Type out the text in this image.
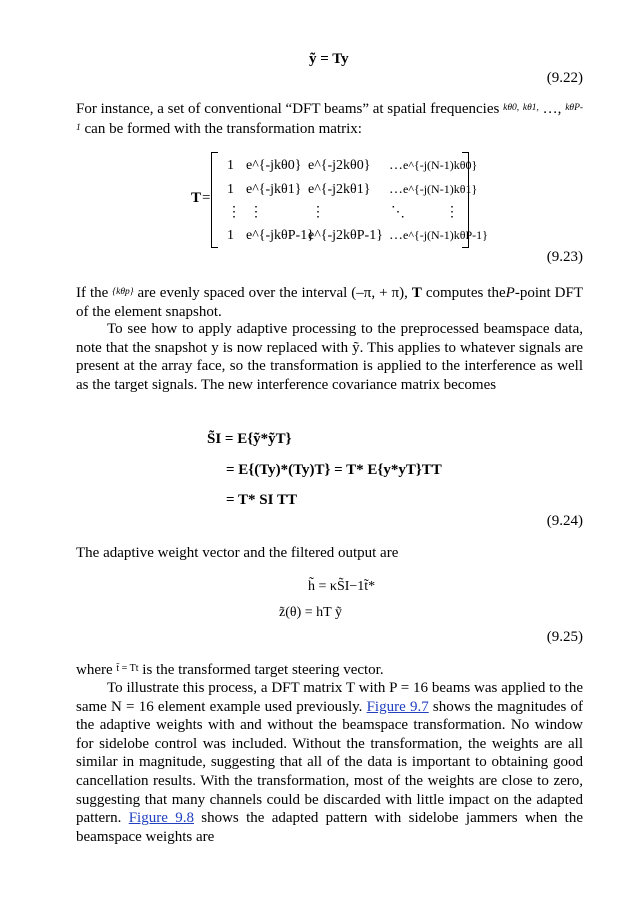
ỹ = Ty
(9.22)
For instance, a set of conventional “DFT beams” at spatial frequencies $^{k\theta 0,}$ $^{k\theta 1,}$ …, $^{k\theta P-1}$ can be formed with the transformation matrix:
T =
1 e^{-jkθ0} e^{-j2kθ0} …
1 e^{-jkθ1} e^{-j2kθ1} …
⋮ ⋮	⋮	⋱
1 e^{-jkθP-1}
e^{-j2kθP-1} …
e^{-j(N-1)kθ0}
e^{-j(N-1)kθ1}
⋮
e^{-j(N-1)kθP-1}
(9.23)
If the $^{\{k\theta p\}}$ are evenly spaced over the interval (–π, + π), T computes theP-point DFT of the element snapshot.
To see how to apply adaptive processing to the preprocessed beamspace data, note that the snapshot y is now replaced with ỹ. This applies to whatever signals are present at the array face, so the transformation is applied to the interference as well as the target signals. The new interference covariance matrix becomes
S̃I = E{ỹ*ỹT}
= E{(Ty)*(Ty)T} = T* E{y*yT}TT
= T* SI TT
(9.24)
The adaptive weight vector and the filtered output are
h̃ = κS̃I−1t̃*
z̃(θ) = hT ỹ
(9.25)
where $^{t̃ = Tt}$ is the transformed target steering vector.
To illustrate this process, a DFT matrix T with P = 16 beams was applied to the same N = 16 element example used previously. Figure 9.7 shows the magnitudes of the adaptive weights with and without the beamspace transformation. No window for sidelobe control was included. Without the transformation, the weights are all similar in magnitude, suggesting that all of the data is important to obtaining good cancellation results. With the transformation, most of the weights are close to zero, suggesting that many channels could be discarded with little impact on the adapted pattern. Figure 9.8 shows the adapted pattern with sidelobe jammers when the beamspace weights are
